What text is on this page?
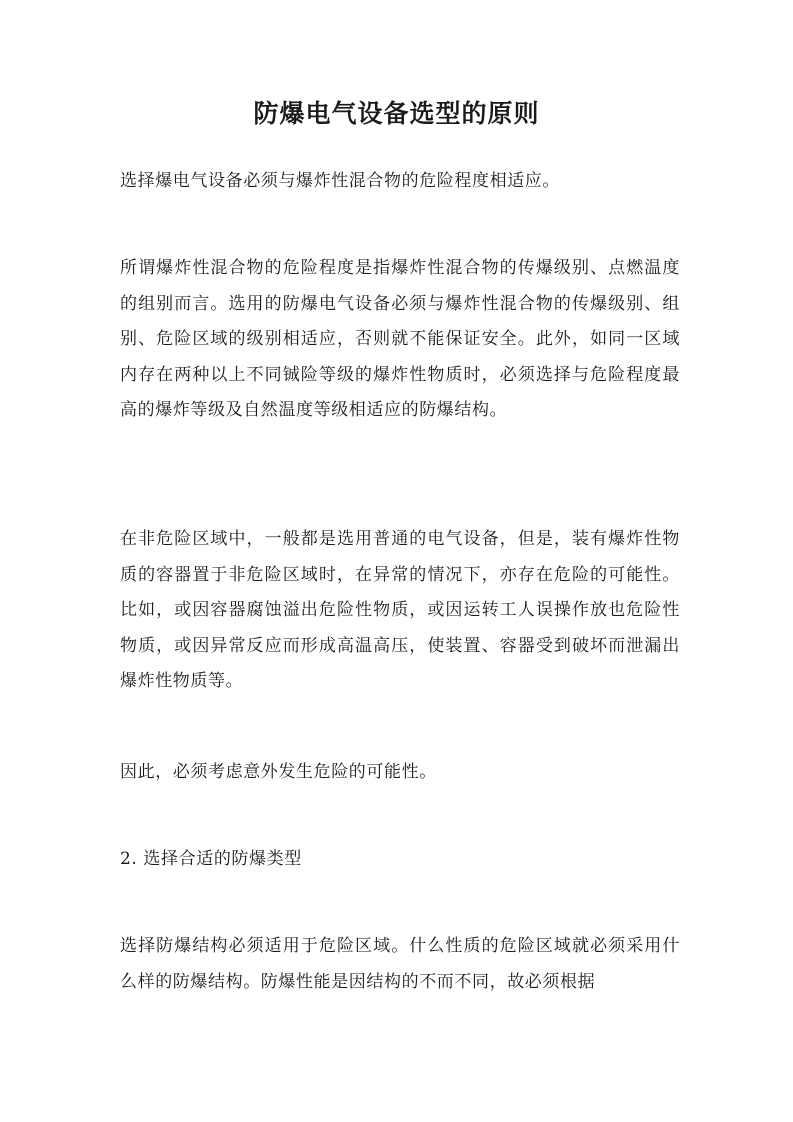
防爆电气设备选型的原则

选择爆电气设备必须与爆炸性混合物的危险程度相适应。

所谓爆炸性混合物的危险程度是指爆炸性混合物的传爆级别、点燃温度的组别而言。选用的防爆电气设备必须与爆炸性混合物的传爆级别、组别、危险区域的级别相适应，否则就不能保证安全。此外，如同一区域内存在两种以上不同铖险等级的爆炸性物质时，必须选择与危险程度最高的爆炸等级及自然温度等级相适应的防爆结构。

在非危险区域中，一般都是选用普通的电气设备，但是，装有爆炸性物质的容器置于非危险区域时，在异常的情况下，亦存在危险的可能性。比如，或因容器腐蚀溢出危险性物质，或因运转工人误操作放也危险性物质，或因异常反应而形成高温高压，使装置、容器受到破坏而泄漏出爆炸性物质等。

因此，必须考虑意外发生危险的可能性。

2. 选择合适的防爆类型

选择防爆结构必须适用于危险区域。什么性质的危险区域就必须采用什么样的防爆结构。防爆性能是因结构的不而不同，故必须根据
